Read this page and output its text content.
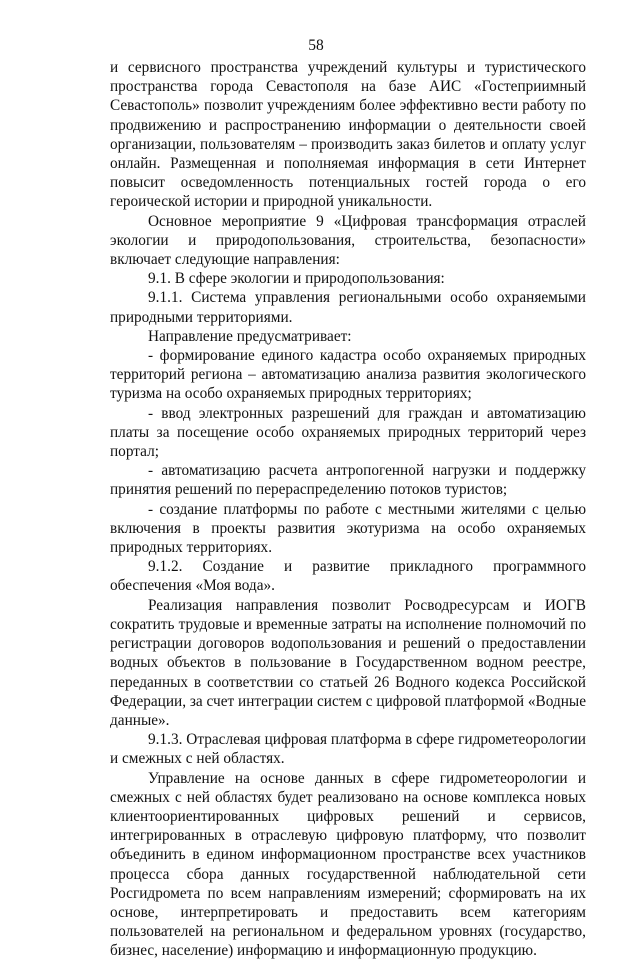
58

и сервисного пространства учреждений культуры и туристического пространства города Севастополя на базе АИС «Гостеприимный Севастополь» позволит учреждениям более эффективно вести работу по продвижению и распространению информации о деятельности своей организации, пользователям – производить заказ билетов и оплату услуг онлайн. Размещенная и пополняемая информация в сети Интернет повысит осведомленность потенциальных гостей города о его героической истории и природной уникальности.

Основное мероприятие 9 «Цифровая трансформация отраслей экологии и природопользования, строительства, безопасности» включает следующие направления:

9.1. В сфере экологии и природопользования:

9.1.1. Система управления региональными особо охраняемыми природными территориями.

Направление предусматривает:

- формирование единого кадастра особо охраняемых природных территорий региона – автоматизацию анализа развития экологического туризма на особо охраняемых природных территориях;

- ввод электронных разрешений для граждан и автоматизацию платы за посещение особо охраняемых природных территорий через портал;

- автоматизацию расчета антропогенной нагрузки и поддержку принятия решений по перераспределению потоков туристов;

- создание платформы по работе с местными жителями с целью включения в проекты развития экотуризма на особо охраняемых природных территориях.

9.1.2. Создание и развитие прикладного программного обеспечения «Моя вода».

Реализация направления позволит Росводресурсам и ИОГВ сократить трудовые и временные затраты на исполнение полномочий по регистрации договоров водопользования и решений о предоставлении водных объектов в пользование в Государственном водном реестре, переданных в соответствии со статьей 26 Водного кодекса Российской Федерации, за счет интеграции систем с цифровой платформой «Водные данные».

9.1.3. Отраслевая цифровая платформа в сфере гидрометеорологии и смежных с ней областях.

Управление на основе данных в сфере гидрометеорологии и смежных с ней областях будет реализовано на основе комплекса новых клиентоориентированных цифровых решений и сервисов, интегрированных в отраслевую цифровую платформу, что позволит объединить в едином информационном пространстве всех участников процесса сбора данных государственной наблюдательной сети Росгидромета по всем направлениям измерений; сформировать на их основе, интерпретировать и предоставить всем категориям пользователей на региональном и федеральном уровнях (государство, бизнес, население) информацию и информационную продукцию.
